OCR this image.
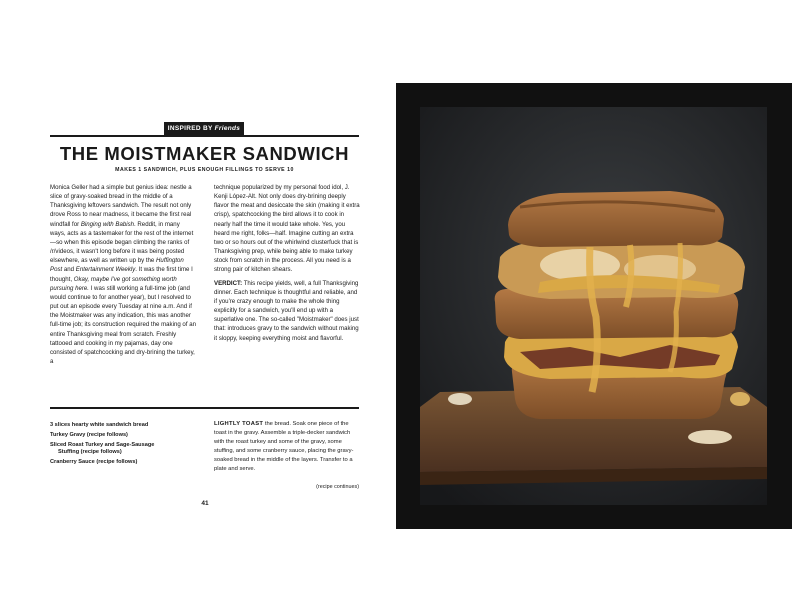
INSPIRED BY Friends
THE MOISTMAKER SANDWICH
MAKES 1 SANDWICH, PLUS ENOUGH FILLINGS TO SERVE 10

Monica Geller had a simple but genius idea: nestle a slice of gravy-soaked bread in the middle of a Thanksgiving leftovers sandwich. The result not only drove Ross to near madness, it became the first real windfall for Binging with Babish. Reddit, in many ways, acts as a tastemaker for the rest of the internet—so when this episode began climbing the ranks of /r/videos, it wasn't long before it was being posted elsewhere, as well as written up by the Huffington Post and Entertainment Weekly. It was the first time I thought, Okay, maybe I've got something worth pursuing here. I was still working a full-time job (and would continue to for another year), but I resolved to put out an episode every Tuesday at nine a.m. And if the Moistmaker was any indication, this was another full-time job; its construction required the making of an entire Thanksgiving meal from scratch. Freshly tattooed and cooking in my pajamas, day one consisted of spatchcocking and dry-brining the turkey, a

technique popularized by my personal food idol, J. Kenji López-Alt. Not only does dry-brining deeply flavor the meat and desiccate the skin (making it extra crisp), spatchcocking the bird allows it to cook in nearly half the time it would take whole. Yes, you heard me right, folks—half. Imagine cutting an extra two or so hours out of the whirlwind clusterfuck that is Thanksgiving prep, while being able to make turkey stock from scratch in the process. All you need is a strong pair of kitchen shears.

VERDICT: This recipe yields, well, a full Thanksgiving dinner. Each technique is thoughtful and reliable, and if you're crazy enough to make the whole thing explicitly for a sandwich, you'll end up with a superlative one. The so-called "Moistmaker" does just that: introduces gravy to the sandwich without making it sloppy, keeping everything moist and flavorful.

3 slices hearty white sandwich bread
Turkey Gravy (recipe follows)
Sliced Roast Turkey and Sage-Sausage
Stuffing (recipe follows)
Cranberry Sauce (recipe follows)
LIGHTLY TOAST the bread. Soak one piece of the toast in the gravy. Assemble a triple-decker sandwich with the roast turkey and some of the gravy, some stuffing, and some cranberry sauce, placing the gravy-soaked bread in the middle of the layers. Transfer to a plate and serve.
(recipe continues)
41
